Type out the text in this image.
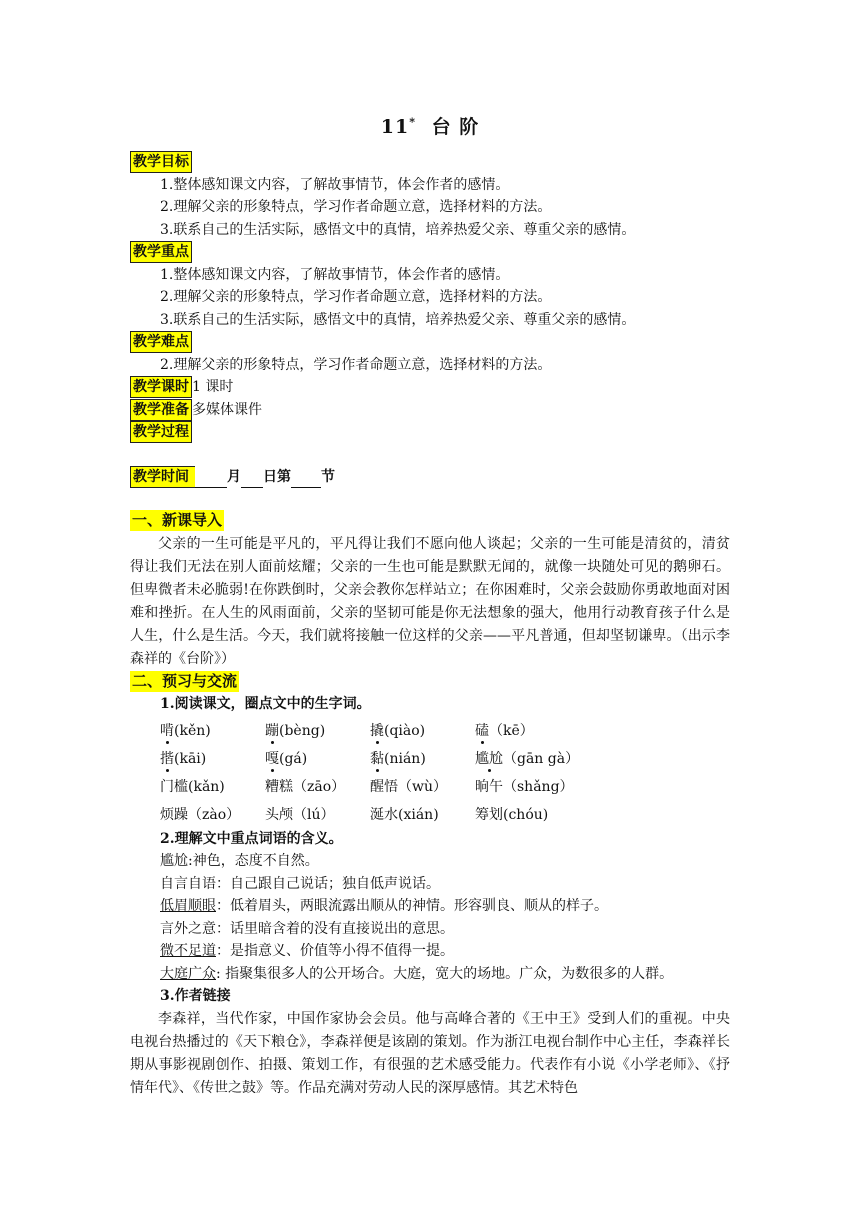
11* 台 阶
教学目标
1.整体感知课文内容，了解故事情节，体会作者的感情。
2.理解父亲的形象特点，学习作者命题立意，选择材料的方法。
3.联系自己的生活实际，感悟文中的真情，培养热爱父亲、尊重父亲的感情。
教学重点
1.整体感知课文内容，了解故事情节，体会作者的感情。
2.理解父亲的形象特点，学习作者命题立意，选择材料的方法。
3.联系自己的生活实际，感悟文中的真情，培养热爱父亲、尊重父亲的感情。
教学难点
2.理解父亲的形象特点，学习作者命题立意，选择材料的方法。
教学课时 1 课时
教学准备 多媒体课件
教学过程
教学时间	月 日第 节
一、新课导入

父亲的一生可能是平凡的，平凡得让我们不愿向他人谈起；父亲的一生可能是清贫的，清贫得让我们无法在别人面前炫耀；父亲的一生也可能是默默无闻的，就像一块随处可见的鹅卵石。但卑微者未必脆弱!在你跌倒时，父亲会教你怎样站立；在你困难时，父亲会鼓励你勇敢地面对困难和挫折。在人生的风雨面前，父亲的坚韧可能是你无法想象的强大，他用行动教育孩子什么是人生，什么是生活。今天，我们就将接触一位这样的父亲——平凡普通，但却坚韧谦卑。（出示李森祥的《台阶》）

二、预习与交流
1.阅读课文，圈点文中的生字词。
啃(kěn)	蹦(bèng)	撬(qiào)	磕（kē）
揩(kāi)	嘎(gá)	黏(nián)	尴尬（gān gà）
门槛(kǎn)	糟糕（zāo）	醒悟（wù）	晌午（shǎng）
烦躁（zào）	头颅（lú）	涎水(xián)	筹划(chóu)
2.理解文中重点词语的含义。
尴尬:神色，态度不自然。
自言自语：自己跟自己说话；独自低声说话。
低眉顺眼：低着眉头，两眼流露出顺从的神情。形容驯良、顺从的样子。
言外之意：话里暗含着的没有直接说出的意思。
微不足道：是指意义、价值等小得不值得一提。
大庭广众: 指聚集很多人的公开场合。大庭，宽大的场地。广众，为数很多的人群。
3.作者链接

李森祥，当代作家，中国作家协会会员。他与高峰合著的《王中王》受到人们的重视。中央电视台热播过的《天下粮仓》，李森祥便是该剧的策划。作为浙江电视台制作中心主任，李森祥长期从事影视剧创作、拍摄、策划工作，有很强的艺术感受能力。代表作有小说《小学老师》、《抒情年代》、《传世之鼓》等。作品充满对劳动人民的深厚感情。其艺术特色
